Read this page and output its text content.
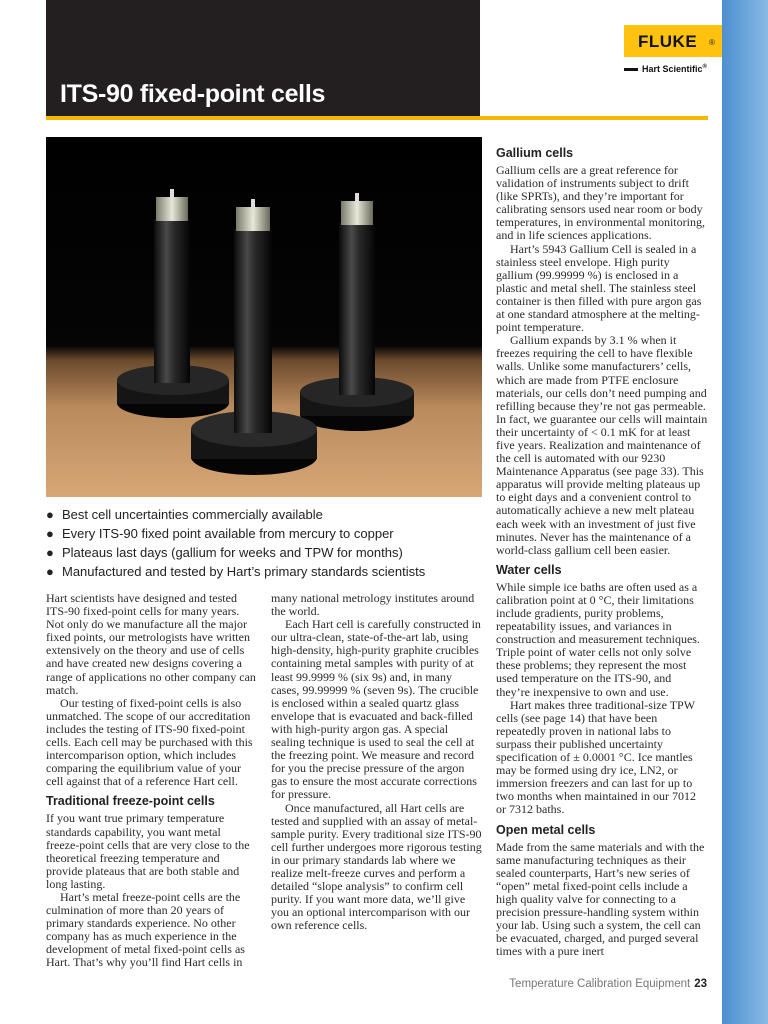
ITS-90 fixed-point cells
FLUKE ®
Hart Scientific®
● Best cell uncertainties commercially available
● Every ITS-90 fixed point available from mercury to copper
● Plateaus last days (gallium for weeks and TPW for months)
● Manufactured and tested by Hart’s primary standards scientists

Hart scientists have designed and tested ITS-90 fixed-point cells for many years. Not only do we manufacture all the major fixed points, our metrologists have written extensively on the theory and use of cells and have created new designs covering a range of applications no other company can match.

Our testing of fixed-point cells is also unmatched. The scope of our accreditation includes the testing of ITS-90 fixed-point cells. Each cell may be purchased with this intercomparison option, which includes comparing the equilibrium value of your cell against that of a reference Hart cell.

Traditional freeze-point cells

If you want true primary temperature standards capability, you want metal freeze-point cells that are very close to the theoretical freezing temperature and provide plateaus that are both stable and long lasting.

Hart’s metal freeze-point cells are the culmination of more than 20 years of primary standards experience. No other company has as much experience in the development of metal fixed-point cells as Hart. That’s why you’ll find Hart cells in

many national metrology institutes around the world.

Each Hart cell is carefully constructed in our ultra-clean, state-of-the-art lab, using high-density, high-purity graphite crucibles containing metal samples with purity of at least 99.9999 % (six 9s) and, in many cases, 99.99999 % (seven 9s). The crucible is enclosed within a sealed quartz glass envelope that is evacuated and back-filled with high-purity argon gas. A special sealing technique is used to seal the cell at the freezing point. We measure and record for you the precise pressure of the argon gas to ensure the most accurate corrections for pressure.

Once manufactured, all Hart cells are tested and supplied with an assay of metal-sample purity. Every traditional size ITS-90 cell further undergoes more rigorous testing in our primary standards lab where we realize melt-freeze curves and perform a detailed “slope analysis” to confirm cell purity. If you want more data, we’ll give you an optional intercomparison with our own reference cells.

Gallium cells

Gallium cells are a great reference for validation of instruments subject to drift (like SPRTs), and they’re important for calibrating sensors used near room or body temperatures, in environmental monitoring, and in life sciences applications.

Hart’s 5943 Gallium Cell is sealed in a stainless steel envelope. High purity gallium (99.99999 %) is enclosed in a plastic and metal shell. The stainless steel container is then filled with pure argon gas at one standard atmosphere at the melting-point temperature.

Gallium expands by 3.1 % when it freezes requiring the cell to have flexible walls. Unlike some manufacturers’ cells, which are made from PTFE enclosure materials, our cells don’t need pumping and refilling because they’re not gas permeable. In fact, we guarantee our cells will maintain their uncertainty of < 0.1 mK for at least five years. Realization and maintenance of the cell is automated with our 9230 Maintenance Apparatus (see page 33). This apparatus will provide melting plateaus up to eight days and a convenient control to automatically achieve a new melt plateau each week with an investment of just five minutes. Never has the maintenance of a world-class gallium cell been easier.

Water cells

While simple ice baths are often used as a calibration point at 0 °C, their limitations include gradients, purity problems, repeatability issues, and variances in construction and measurement techniques. Triple point of water cells not only solve these problems; they represent the most used temperature on the ITS-90, and they’re inexpensive to own and use.

Hart makes three traditional-size TPW cells (see page 14) that have been repeatedly proven in national labs to surpass their published uncertainty specification of ± 0.0001 °C. Ice mantles may be formed using dry ice, LN2, or immersion freezers and can last for up to two months when maintained in our 7012 or 7312 baths.

Open metal cells

Made from the same materials and with the same manufacturing techniques as their sealed counterparts, Hart’s new series of “open” metal fixed-point cells include a high quality valve for connecting to a precision pressure-handling system within your lab. Using such a system, the cell can be evacuated, charged, and purged several times with a pure inert

Temperature Calibration Equipment 23
